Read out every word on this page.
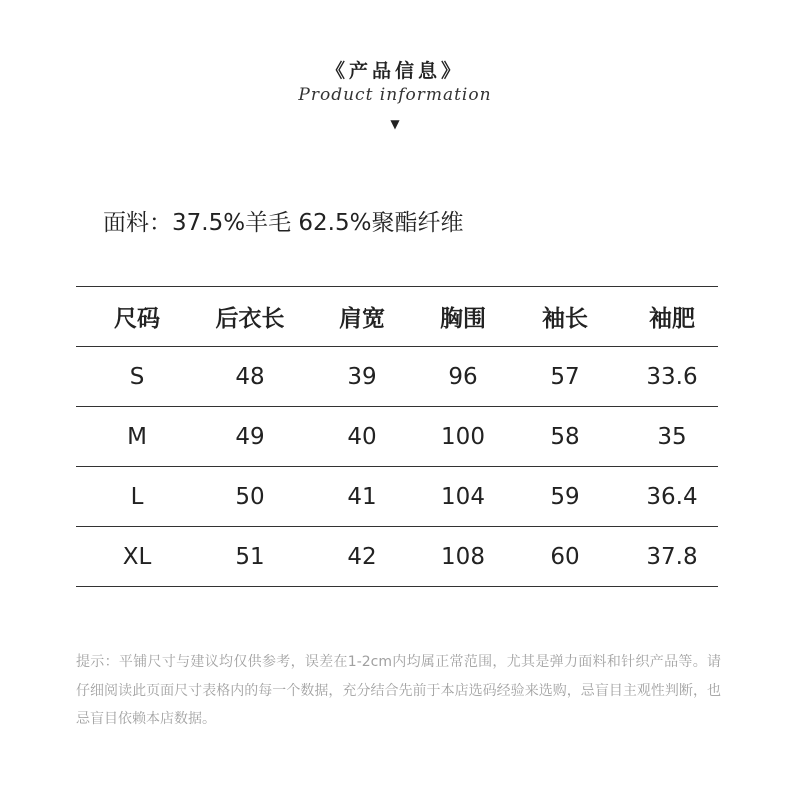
《产品信息》
Product information
▼
面料：37.5%羊毛 62.5%聚酯纤维
尺码	后衣长	肩宽	胸围	袖长	袖肥
S	48	39	96	57	33.6
M	49	40	100	58	35
L	50	41	104	59	36.4
XL	51	42	108	60	37.8
提示：平铺尺寸与建议均仅供参考，误差在1-2cm内均属正常范围，尤其是弹力面料和针织产品等。请仔细阅读此页面尺寸表格内的每一个数据，充分结合先前于本店选码经验来选购，忌盲目主观性判断，也忌盲目依赖本店数据。
